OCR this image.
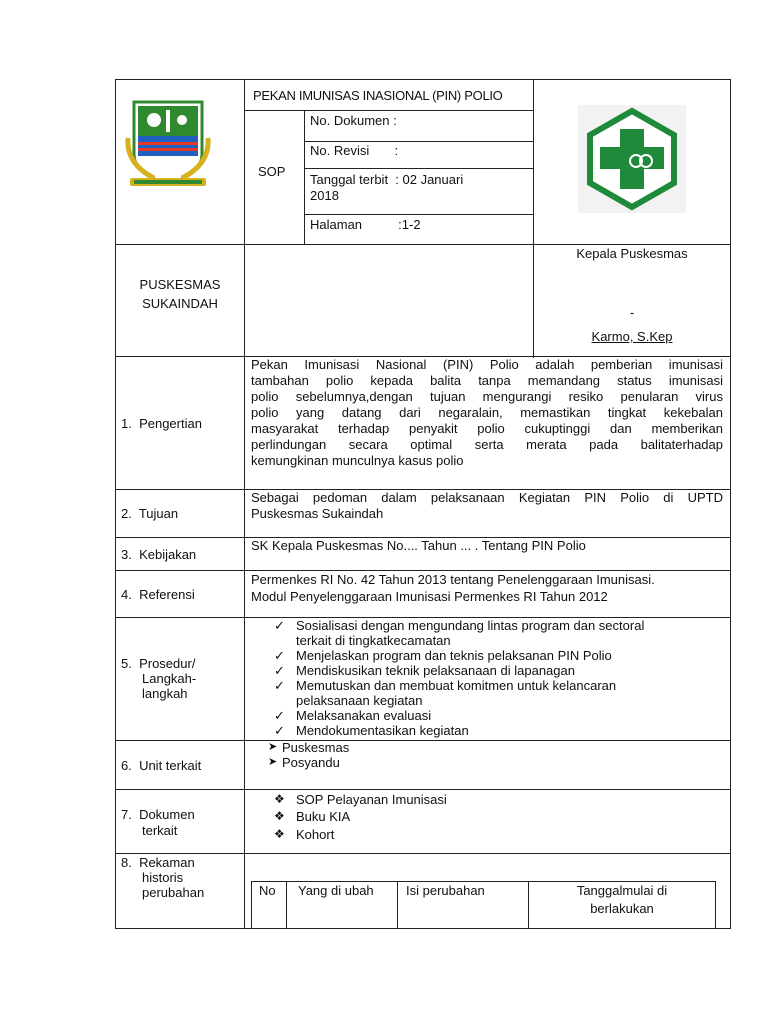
PEKAN IMUNISAS INASIONAL (PIN) POLIO
SOP
No. Dokumen :
No. Revisi       :
Tanggal terbit  : 02 Januari
2018
Halaman          :1-2
PUSKESMAS
SUKAINDAH
Kepala Puskesmas
-
Karmo, S.Kep
1.  Pengertian
Pekan Imunisasi Nasional (PIN) Polio adalah pemberian imunisasi
tambahan polio kepada balita tanpa memandang status imunisasi
polio sebelumnya,dengan tujuan mengurangi resiko penularan virus
polio yang datang dari negaralain, memastikan tingkat kekebalan
masyarakat terhadap penyakit polio cukuptinggi dan memberikan
perlindungan secara optimal serta merata pada balitaterhadap
kemungkinan munculnya kasus polio
2.  Tujuan
Sebagai pedoman dalam pelaksanaan Kegiatan PIN Polio di UPTD
Puskesmas Sukaindah
3.  Kebijakan
SK Kepala Puskesmas No.... Tahun ... . Tentang PIN Polio
4.  Referensi
Permenkes RI No. 42 Tahun 2013 tentang Penelenggaraan Imunisasi.
Modul Penyelenggaraan Imunisasi Permenkes RI Tahun 2012
5.  Prosedur/
Langkah-
langkah
✓ Sosialisasi dengan mengundang lintas program dan sectoral
terkait di tingkatkecamatan
✓ Menjelaskan program dan teknis pelaksanan PIN Polio
✓ Mendiskusikan teknik pelaksanaan di lapanagan
✓ Memutuskan dan membuat komitmen untuk kelancaran
pelaksanaan kegiatan
✓ Melaksanakan evaluasi
✓ Mendokumentasikan kegiatan
6.  Unit terkait
➤ Puskesmas
➤ Posyandu
7.  Dokumen
terkait
❖ SOP Pelayanan Imunisasi
❖ Buku KIA
❖ Kohort
8.  Rekaman
historis
perubahan	No Yang di ubah Isi perubahan	Tanggalmulai di
berlakukan
